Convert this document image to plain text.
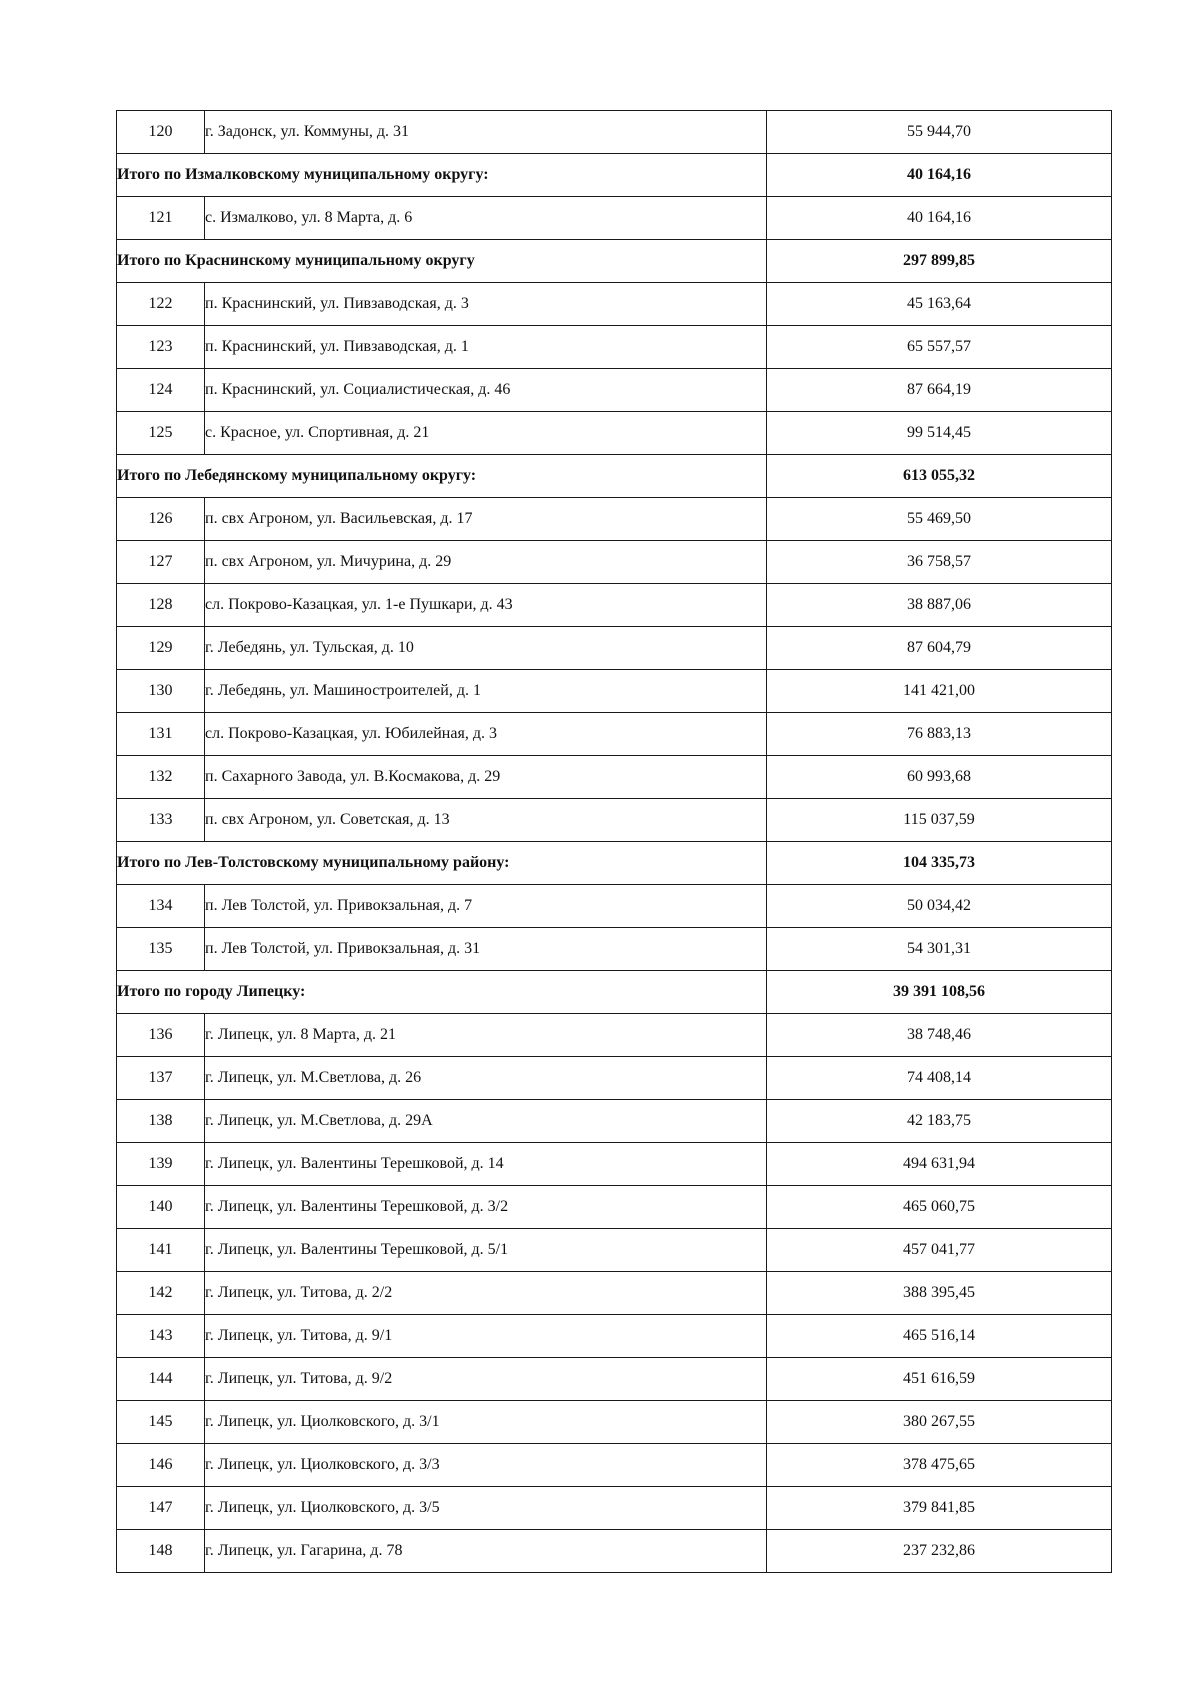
120	г. Задонск, ул. Коммуны, д. 31	55 944,70
Итого по Измалковскому муниципальному округу:		40 164,16
121	с. Измалково, ул. 8 Марта, д. 6	40 164,16
Итого по Краснинскому муниципальному округу		297 899,85
122	п. Краснинский, ул. Пивзаводская, д. 3	45 163,64
123	п. Краснинский, ул. Пивзаводская, д. 1	65 557,57
124	п. Краснинский, ул. Социалистическая, д. 46	87 664,19
125	с. Красное, ул. Спортивная, д. 21	99 514,45
Итого по Лебедянскому муниципальному округу:		613 055,32
126	п. свх Агроном, ул. Васильевская, д. 17	55 469,50
127	п. свх Агроном, ул. Мичурина, д. 29	36 758,57
128	сл. Покрово-Казацкая, ул. 1-е Пушкари, д. 43	38 887,06
129	г. Лебедянь, ул. Тульская, д. 10	87 604,79
130	г. Лебедянь, ул. Машиностроителей, д. 1	141 421,00
131	сл. Покрово-Казацкая, ул. Юбилейная, д. 3	76 883,13
132	п. Сахарного Завода, ул. В.Космакова, д. 29	60 993,68
133	п. свх Агроном, ул. Советская, д. 13	115 037,59
Итого по Лев-Толстовскому муниципальному району:		104 335,73
134	п. Лев Толстой, ул. Привокзальная, д. 7	50 034,42
135	п. Лев Толстой, ул. Привокзальная, д. 31	54 301,31
Итого по городу Липецку:		39 391 108,56
136	г. Липецк, ул. 8 Марта, д. 21	38 748,46
137	г. Липецк, ул. М.Светлова, д. 26	74 408,14
138	г. Липецк, ул. М.Светлова, д. 29А	42 183,75
139	г. Липецк, ул. Валентины Терешковой, д. 14	494 631,94
140	г. Липецк, ул. Валентины Терешковой, д. 3/2	465 060,75
141	г. Липецк, ул. Валентины Терешковой, д. 5/1	457 041,77
142	г. Липецк, ул. Титова, д. 2/2	388 395,45
143	г. Липецк, ул. Титова, д. 9/1	465 516,14
144	г. Липецк, ул. Титова, д. 9/2	451 616,59
145	г. Липецк, ул. Циолковского, д. 3/1	380 267,55
146	г. Липецк, ул. Циолковского, д. 3/3	378 475,65
147	г. Липецк, ул. Циолковского, д. 3/5	379 841,85
148	г. Липецк, ул. Гагарина, д. 78	237 232,86
